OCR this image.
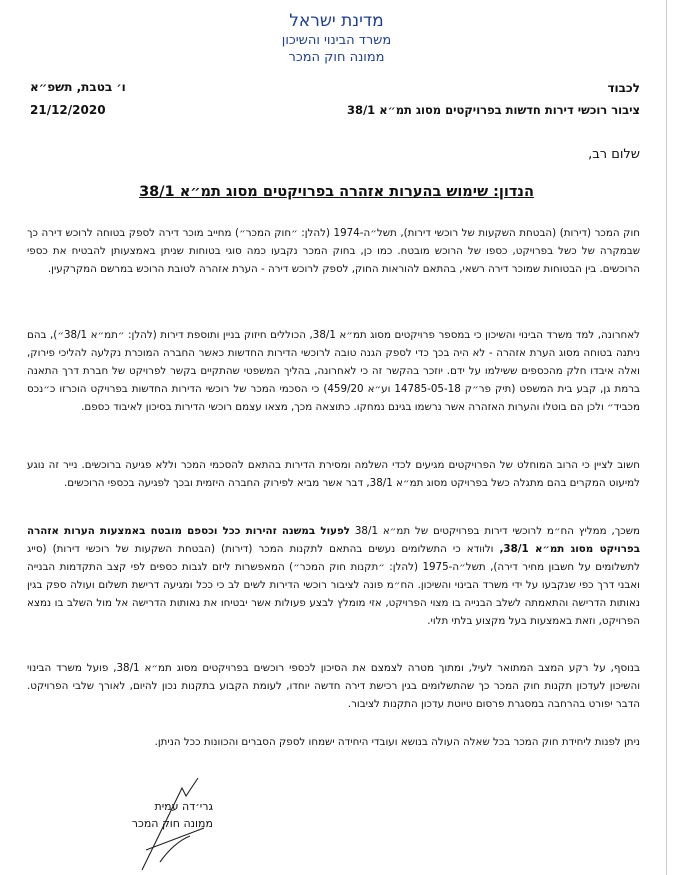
מדינת ישראל
משרד הבינוי והשיכון
ממונה חוק המכר
לכבוד
ציבור רוכשי דירות חדשות בפרויקטים מסוג תמ״א 38/1
ו׳ בטבת, תשפ״א
21/12/2020
שלום רב,
הנדון: שימוש בהערות אזהרה בפרויקטים מסוג תמ״א 38/1

חוק המכר (דירות) (הבטחת השקעות של רוכשי דירות), תשל״ה-1974 (להלן: ״חוק המכר״) מחייב מוכר דירה לספק בטוחה לרוכש דירה כך שבמקרה של כשל בפרויקט, כספו של הרוכש מובטח. כמו כן, בחוק המכר נקבעו כמה סוגי בטוחות שניתן באמצעותן להבטיח את כספי הרוכשים. בין הבטוחות שמוכר דירה רשאי, בהתאם להוראות החוק, לספק לרוכש דירה - הערת אזהרה לטובת הרוכש במרשם המקרקעין.

לאחרונה, למד משרד הבינוי והשיכון כי במספר פרויקטים מסוג תמ״א 38/1, הכוללים חיזוק בניין ותוספת דירות (להלן: ״תמ״א 38/1״), בהם ניתנה בטוחה מסוג הערת אזהרה - לא היה בכך כדי לספק הגנה טובה לרוכשי הדירות החדשות כאשר החברה המוכרת נקלעה להליכי פירוק, ואלה איבדו חלק מהכספים ששילמו על ידם. יוזכר בהקשר זה כי לאחרונה, בהליך המשפטי שהתקיים בקשר לפרויקט של חברת דרך התאנה ברמת גן, קבע בית המשפט (תיק פר״ק 14785-05-18 וע״א 459/20) כי הסכמי המכר של רוכשי הדירות החדשות בפרויקט הוכרזו כ״נכס מכביד״ ולכן הם בוטלו והערות האזהרה אשר נרשמו בגינם נמחקו. כתוצאה מכך, מצאו עצמם רוכשי הדירות בסיכון לאיבוד כספם.

חשוב לציין כי הרוב המוחלט של הפרויקטים מגיעים לכדי השלמה ומסירת הדירות בהתאם להסכמי המכר וללא פגיעה ברוכשים. נייר זה נוגע למיעוט המקרים בהם מתגלה כשל בפרויקט מסוג תמ״א 38/1, דבר אשר מביא לפירוק החברה היזמית ובכך לפגיעה בכספי הרוכשים.

משכך, ממליץ הח״מ לרוכשי דירות בפרויקטים של תמ״א 38/1 לפעול במשנה זהירות ככל וכספם מובטח באמצעות הערות אזהרה בפרויקט מסוג תמ״א 38/1, ולוודא כי התשלומים נעשים בהתאם לתקנות המכר (דירות) (הבטחת השקעות של רוכשי דירות) (סייג לתשלומים על חשבון מחיר דירה), תשל״ה-1975 (להלן: ״תקנות חוק המכר״) המאפשרות ליזם לגבות כספים לפי קצב התקדמות הבנייה ואבני דרך כפי שנקבעו על ידי משרד הבינוי והשיכון. הח״מ פונה לציבור רוכשי הדירות לשים לב כי ככל ומגיעה דרישת תשלום ועולה ספק בגין נאותות הדרישה והתאמתה לשלב הבנייה בו מצוי הפרויקט, אזי מומלץ לבצע פעולות אשר יבטיחו את נאותות הדרישה אל מול השלב בו נמצא הפרויקט, וזאת באמצעות בעל מקצוע בלתי תלוי.

בנוסף, על רקע המצב המתואר לעיל, ומתוך מטרה לצמצם את הסיכון לכספי רוכשים בפרויקטים מסוג תמ״א 38/1, פועל משרד הבינוי והשיכון לעדכון תקנות חוק המכר כך שהתשלומים בגין רכישת דירה חדשה יוחדו, לעומת הקבוע בתקנות נכון להיום, לאורך שלבי הפרויקט. הדבר יפורט בהרחבה במסגרת פרסום טיוטת עדכון התקנות לציבור.

ניתן לפנות ליחידת חוק המכר בכל שאלה העולה בנושא ועובדי היחידה ישמחו לספק הסברים והכוונות ככל הניתן.

גרי׳דה עמית
ממונה חוק המכר
